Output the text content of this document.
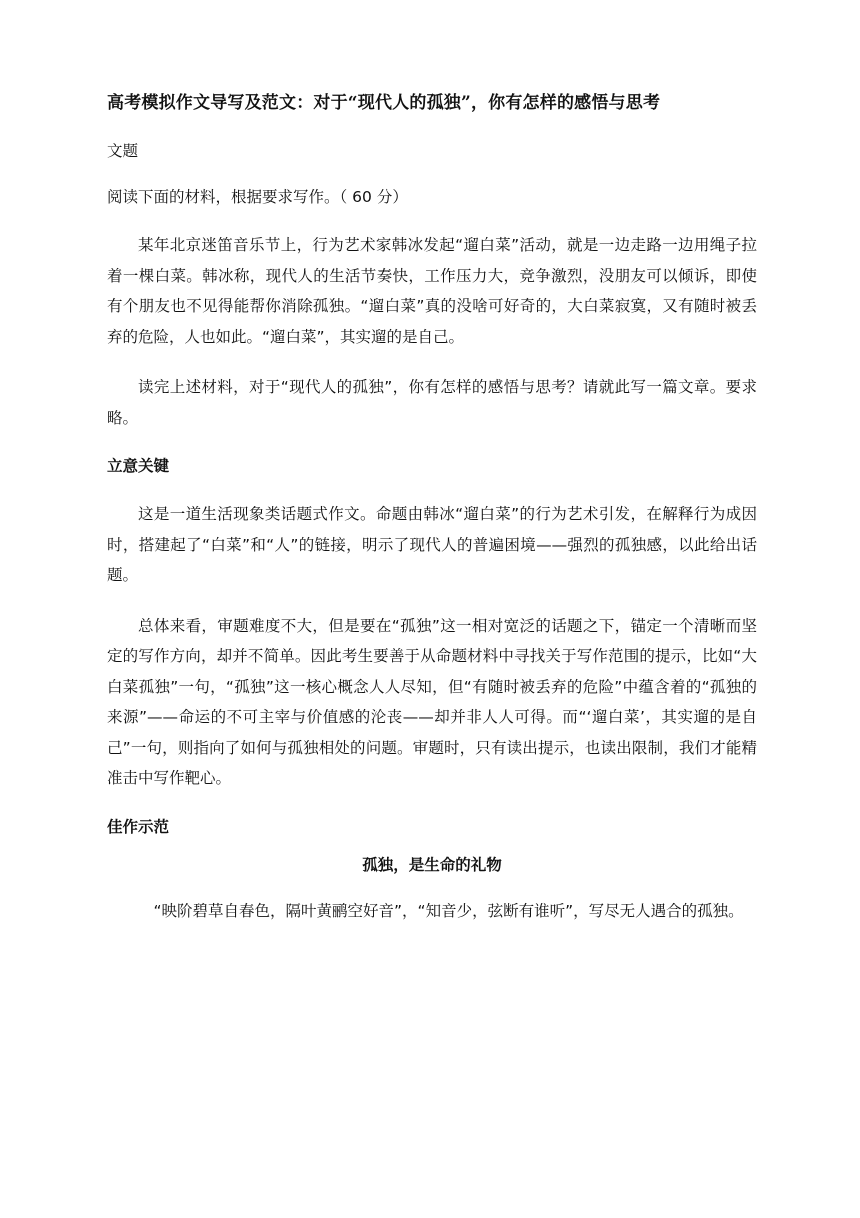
高考模拟作文导写及范文：对于“现代人的孤独”，你有怎样的感悟与思考
文题
阅读下面的材料，根据要求写作。（ 60 分）

某年北京迷笛音乐节上，行为艺术家韩冰发起“遛白菜”活动，就是一边走路一边用绳子拉着一棵白菜。韩冰称，现代人的生活节奏快，工作压力大，竞争激烈，没朋友可以倾诉，即使有个朋友也不见得能帮你消除孤独。“遛白菜”真的没啥可好奇的，大白菜寂寞，又有随时被丢弃的危险，人也如此。“遛白菜”，其实遛的是自己。

读完上述材料，对于“现代人的孤独”，你有怎样的感悟与思考？请就此写一篇文章。要求略。

立意关键

这是一道生活现象类话题式作文。命题由韩冰“遛白菜”的行为艺术引发，在解释行为成因时，搭建起了“白菜”和“人”的链接，明示了现代人的普遍困境——强烈的孤独感，以此给出话题。

总体来看，审题难度不大，但是要在“孤独”这一相对宽泛的话题之下，锚定一个清晰而坚定的写作方向，却并不简单。因此考生要善于从命题材料中寻找关于写作范围的提示，比如“大白菜孤独”一句，“孤独”这一核心概念人人尽知，但“有随时被丢弃的危险”中蕴含着的“孤独的来源”——命运的不可主宰与价值感的沦丧——却并非人人可得。而“‘遛白菜’，其实遛的是自己”一句，则指向了如何与孤独相处的问题。审题时，只有读出提示，也读出限制，我们才能精准击中写作靶心。

佳作示范
孤独，是生命的礼物

“映阶碧草自春色，隔叶黄鹂空好音”，“知音少，弦断有谁听”，写尽无人遇合的孤独。
